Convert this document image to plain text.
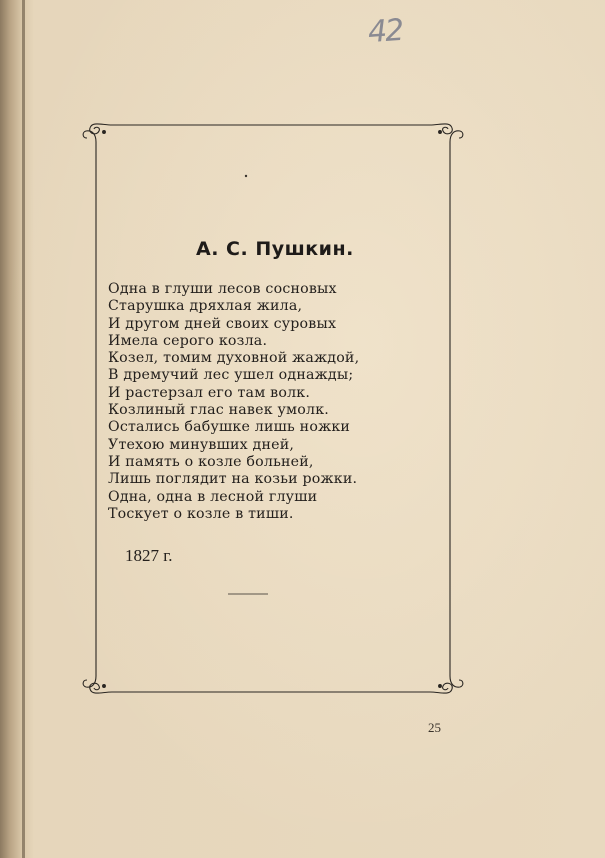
42
А. С. Пушкин.
Одна в глуши лесов сосновых
Старушка дряхлая жила,
И другом дней своих суровых
Имела серого козла.
Козел, томим духовной жаждой,
В дремучий лес ушел однажды;
И растерзал его там волк.
Козлиный глас навек умолк.
Остались бабушке лишь ножки
Утехою минувших дней,
И память о козле больней,
Лишь поглядит на козьи рожки.
Одна, одна в лесной глуши
Тоскует о козле в тиши.
1827 г.
25
